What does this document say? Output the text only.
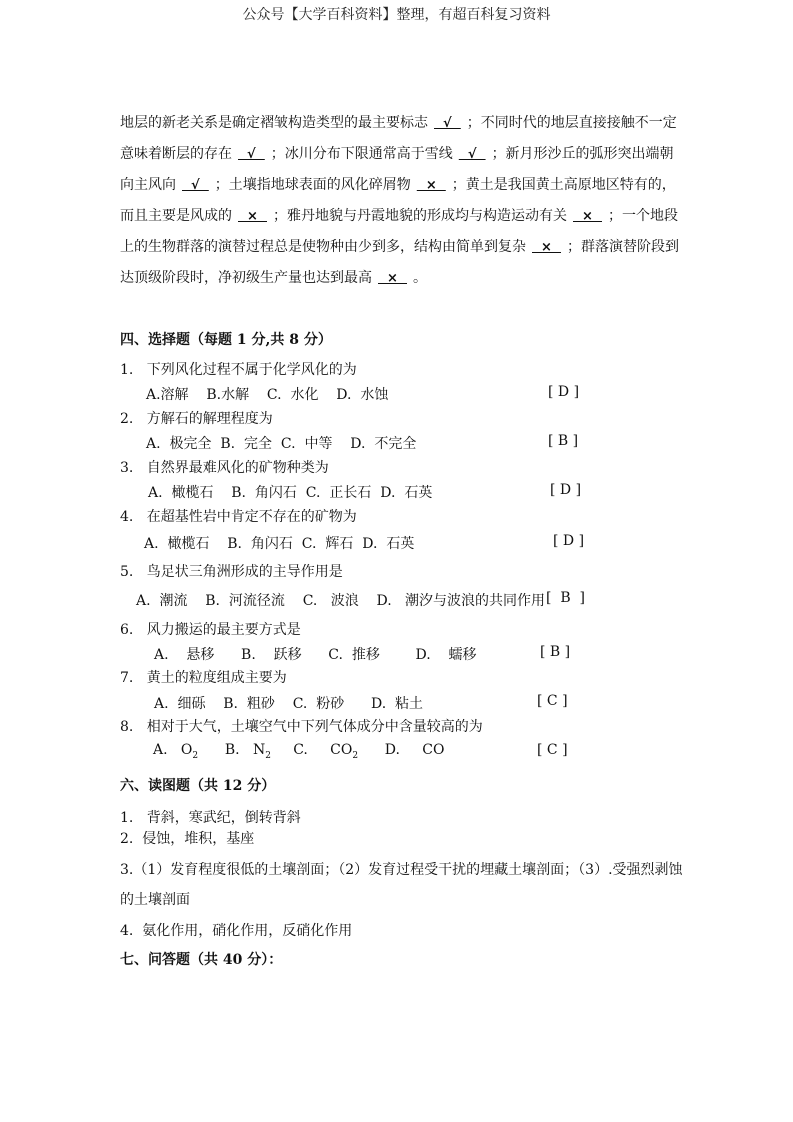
公众号【大学百科资料】整理，有超百科复习资料
地层的新老关系是确定褶皱构造类型的最主要标志  √  ；不同时代的地层直接接触不一定意味着断层的存在  √  ；冰川分布下限通常高于雪线  √  ；新月形沙丘的弧形突出端朝向主风向  √  ；土壤指地球表面的风化碎屑物  ×  ；黄土是我国黄土高原地区特有的，而且主要是风成的  ×  ；雅丹地貌与丹霞地貌的形成均与构造运动有关  ×  ；一个地段上的生物群落的演替过程总是使物种由少到多，结构由简单到复杂  ×  ；群落演替阶段到达顶级阶段时，净初级生产量也达到最高  ×  。
四、选择题（每题 1 分,共 8 分）
1.   下列风化过程不属于化学风化的为
A.溶解    B.水解    C.  水化    D.  水蚀	[ D ]
2.   方解石的解理程度为
A.  极完全  B.  完全  C.  中等    D.  不完全	[ B ]
3.   自然界最难风化的矿物种类为
A.  橄榄石    B.  角闪石  C.  正长石  D.  石英	[ D ]
4.   在超基性岩中肯定不存在的矿物为
A.  橄榄石    B.  角闪石  C.  辉石  D.  石英	[ D ]
5.   鸟足状三角洲形成的主导作用是
A.  潮流    B.  河流径流    C.   波浪    D.   潮汐与波浪的共同作用 [  B  ]
6.   风力搬运的最主要方式是
A.    悬移      B.    跃移      C.  推移        D.    蠕移	[ B ]
7.   黄土的粒度组成主要为
A.  细砾    B.  粗砂    C.  粉砂      D.  粘土	[ C ]
8.   相对于大气，土壤空气中下列气体成分中含量较高的为
A. $O_2$ B. $N_2$ C. $CO_2$ D. CO	[ C ]
六、读图题（共 12 分）
1.   背斜，寒武纪，倒转背斜
2.  侵蚀，堆积，基座
3.（1）发育程度很低的土壤剖面；（2）发育过程受干扰的埋藏土壤剖面；（3）.受强烈剥蚀
的土壤剖面
4.  氨化作用，硝化作用，反硝化作用
七、问答题（共 40 分）：
